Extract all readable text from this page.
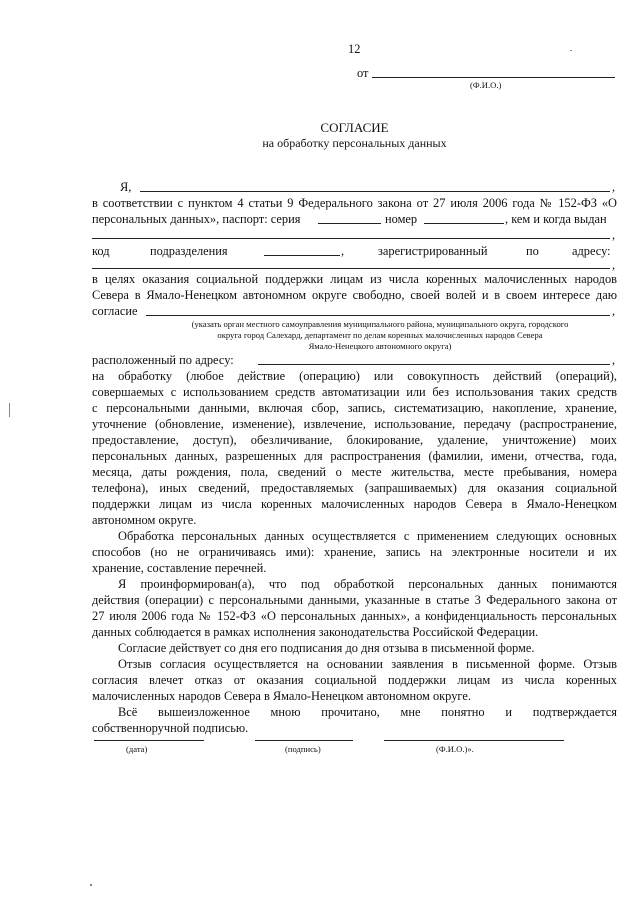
12
от
(Ф.И.О.)
СОГЛАСИЕ
на обработку персональных данных
Я,	,
в соответствии с пунктом 4 статьи 9 Федерального закона от 27 июля 2006 года № 152-ФЗ «О
персональных данных», паспорт: серия	номер	, кем и когда выдан
,
код	подразделения	,	зарегистрированный	по	адресу:
,
в целях оказания социальной поддержки лицам из числа коренных малочисленных народов
Севера в Ямало-Ненецком автономном округе свободно, своей волей и в своем интересе даю
согласие	,
(указать орган местного самоуправления муниципального района, муниципального округа, городского
округа город Салехард, департамент по делам коренных малочисленных народов Севера
Ямало-Ненецкого автономного округа)
расположенный по адресу:	,
на обработку (любое действие (операцию) или совокупность действий (операций),
совершаемых с использованием средств автоматизации или без использования таких средств
с персональными данными, включая сбор, запись, систематизацию, накопление, хранение,
уточнение (обновление, изменение), извлечение, использование, передачу (распространение,
предоставление, доступ), обезличивание, блокирование, удаление, уничтожение) моих
персональных данных, разрешенных для распространения (фамилии, имени, отчества, года,
месяца, даты рождения, пола, сведений о месте жительства, месте пребывания, номера
телефона), иных сведений, предоставляемых (запрашиваемых) для оказания социальной
поддержки лицам из числа коренных малочисленных народов Севера в Ямало-Ненецком
автономном округе.
Обработка персональных данных осуществляется с применением следующих основных
способов (но не ограничиваясь ими): хранение, запись на электронные носители и их
хранение, составление перечней.
Я проинформирован(а), что под обработкой персональных данных понимаются
действия (операции) с персональными данными, указанные в статье 3 Федерального закона от
27 июля 2006 года № 152-ФЗ «О персональных данных», а конфиденциальность персональных
данных соблюдается в рамках исполнения законодательства Российской Федерации.
Согласие действует со дня его подписания до дня отзыва в письменной форме.
Отзыв согласия осуществляется на основании заявления в письменной форме. Отзыв
согласия влечет отказ от оказания социальной поддержки лицам из числа коренных
малочисленных народов Севера в Ямало-Ненецком автономном округе.
Всё вышеизложенное мною прочитано, мне понятно и подтверждается
собственноручной подписью.
(дата)	(подпись)	(Ф.И.О.)».
